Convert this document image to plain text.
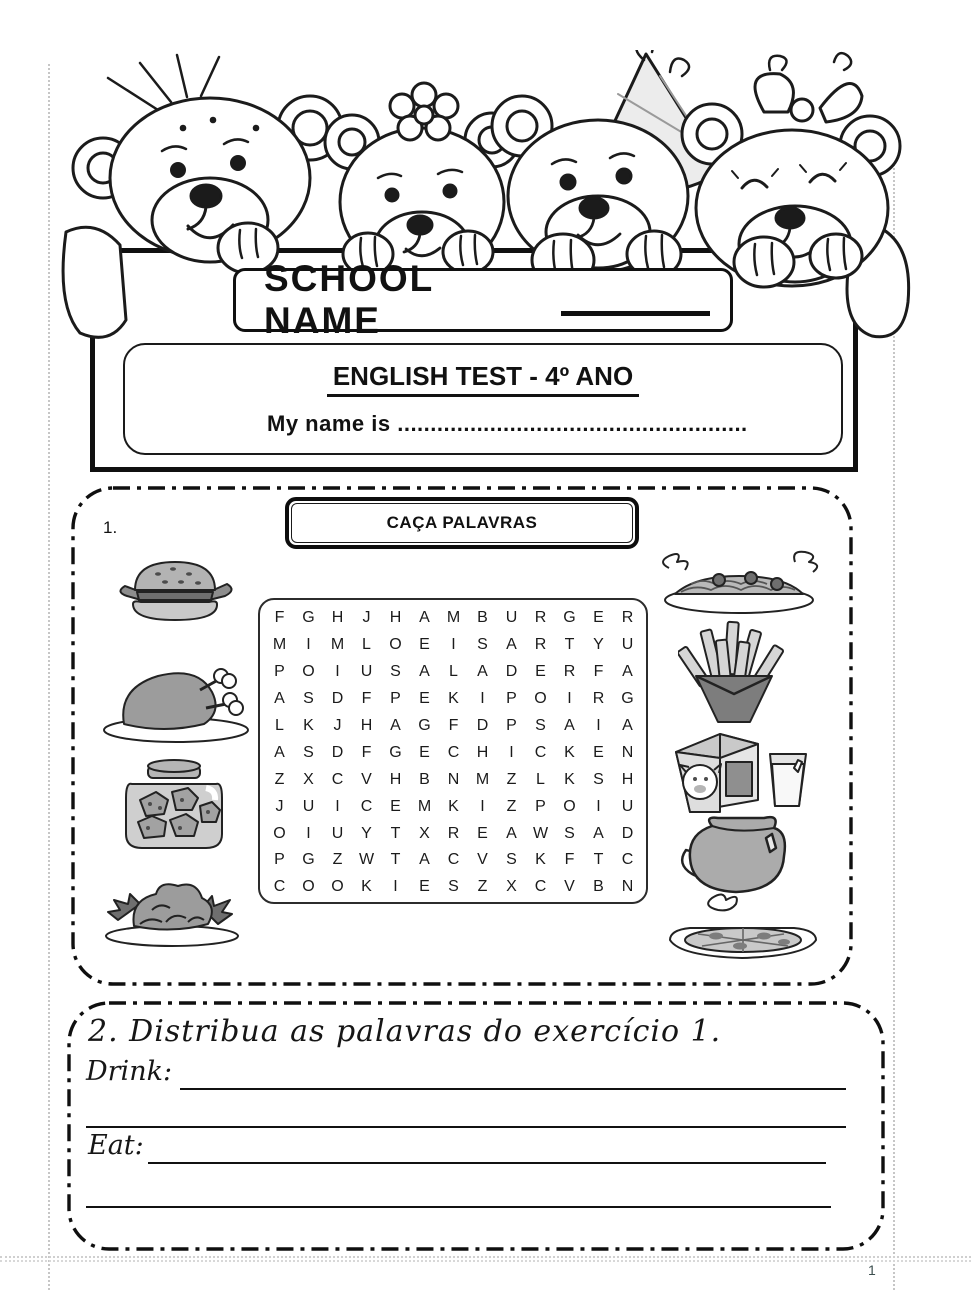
SCHOOL NAME
ENGLISH TEST - 4º ANO
My name is .....................................................
1.	CAÇA PALAVRAS
F	G	H	J	H	A	M	B	U	R	G	E	R
M	I	M	L	O	E	I	S	A	R	T	Y	U
P	O	I	U	S	A	L	A	D	E	R	F	A
A	S	D	F	P	E	K	I	P	O	I	R	G
L	K	J	H	A	G	F	D	P	S	A	I	A
A	S	D	F	G	E	C	H	I	C	K	E	N
Z	X	C	V	H	B	N	M	Z	L	K	S	H
J	U	I	C	E	M	K	I	Z	P	O	I	U
O	I	U	Y	T	X	R	E	A	W	S	A	D
P	G	Z	W	T	A	C	V	S	K	F	T	C
C	O	O	K	I	E	S	Z	X	C	V	B	N
2. Distribua as palavras do exercício 1.
Drink:
Eat:
1
